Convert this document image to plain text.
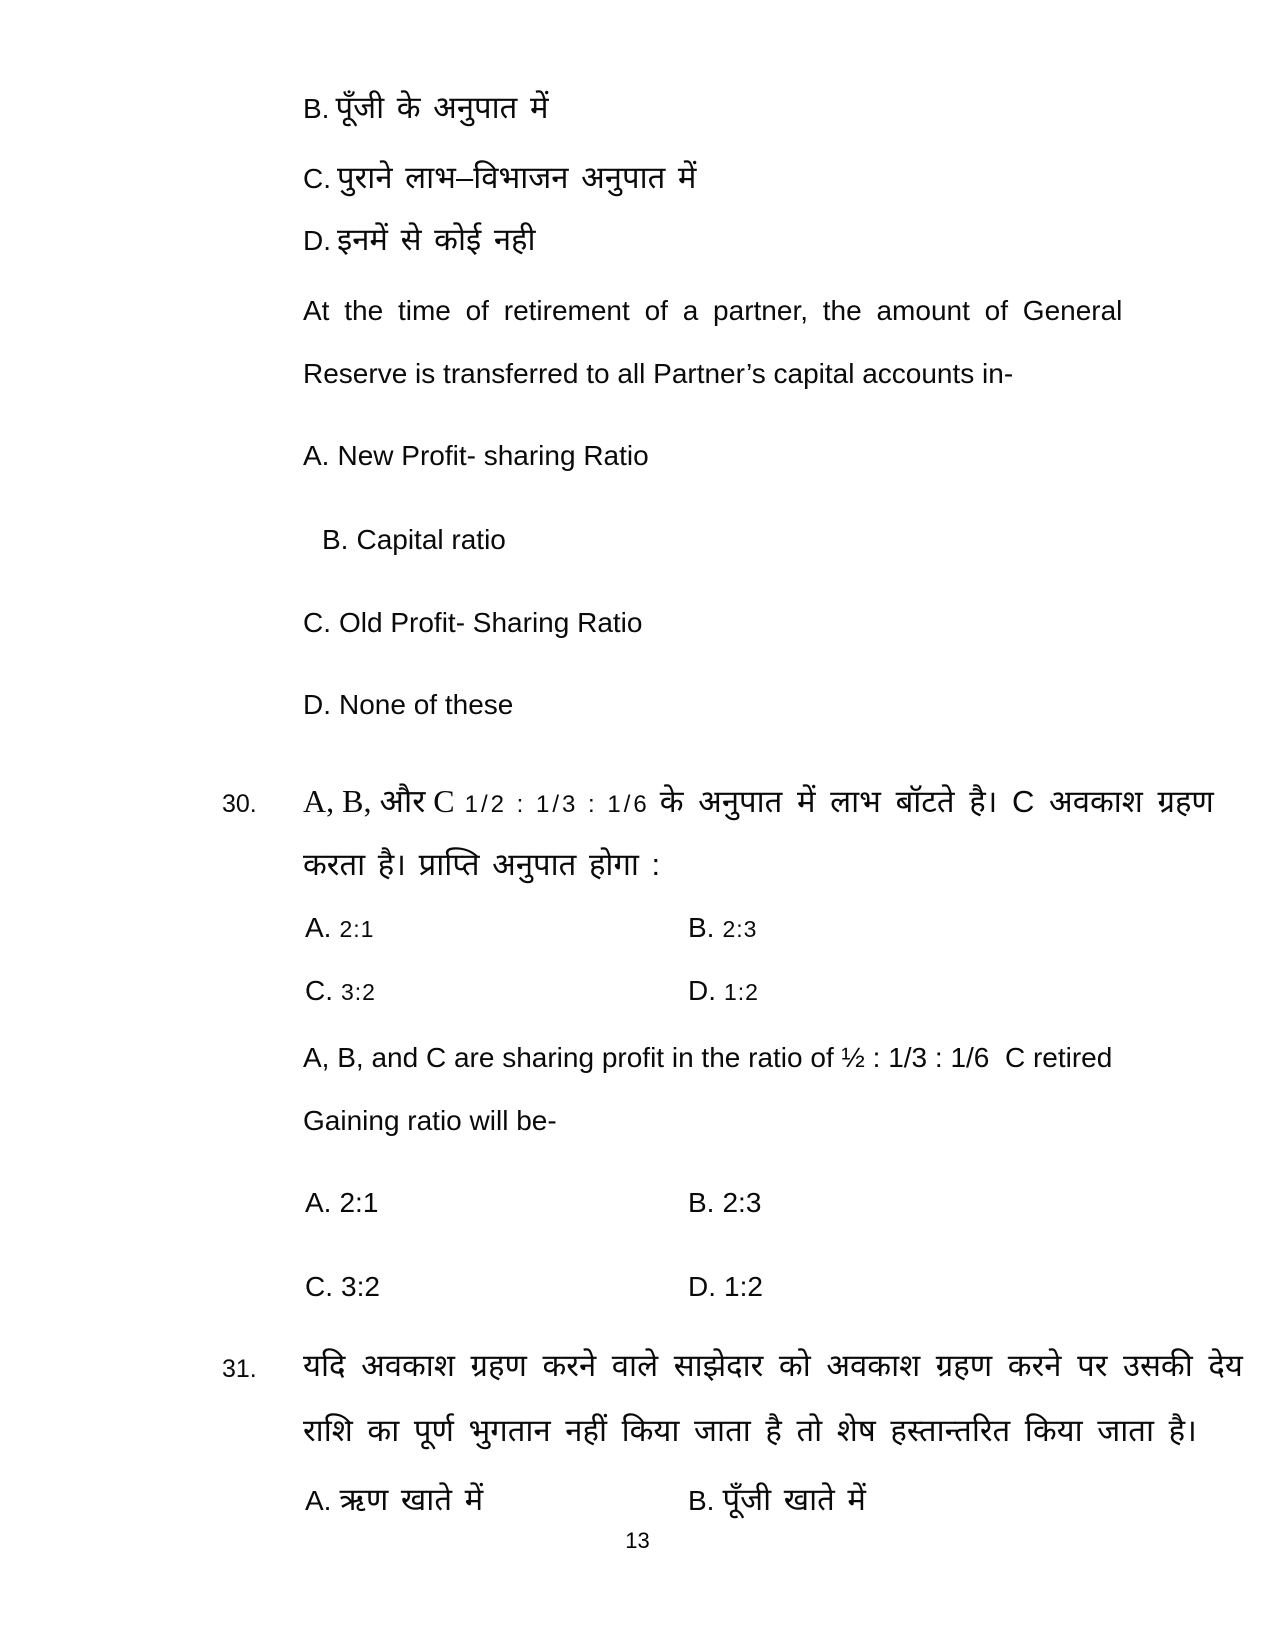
B. पूँजी के अनुपात में
C. पुराने लाभ–विभाजन अनुपात में
D. इनमें से कोई नही
At the time of retirement of a partner, the amount of General
Reserve is transferred to all Partner’s capital accounts in-
A. New Profit- sharing Ratio
B. Capital ratio
C. Old Profit- Sharing Ratio
D. None of these
30. A, B, और C 1/2 : 1/3 : 1/6 के अनुपात में लाभ बॉटते है। C अवकाश ग्रहण
करता है। प्राप्ति अनुपात होगा :
A. 2:1	B. 2:3
C. 3:2	D. 1:2
A, B, and C are sharing profit in the ratio of ½ : 1/3 : 1/6  C retired
Gaining ratio will be-
A. 2:1	B. 2:3
C. 3:2	D. 1:2
31. यदि अवकाश ग्रहण करने वाले साझेदार को अवकाश ग्रहण करने पर उसकी देय
राशि का पूर्ण भुगतान नहीं किया जाता है तो शेष हस्तान्तरित किया जाता है।
A. ऋण खाते में	B. पूँजी खाते में
13
